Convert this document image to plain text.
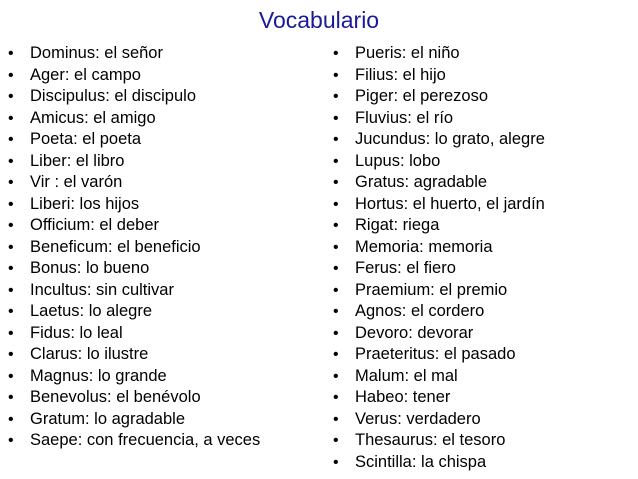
Vocabulario
• Dominus: el señor
• Ager: el campo
• Discipulus: el discipulo
• Amicus: el amigo
• Poeta: el poeta
• Liber: el libro
• Vir : el varón
• Liberi: los hijos
• Officium: el deber
• Beneficum: el beneficio
• Bonus: lo bueno
• Incultus: sin cultivar
• Laetus: lo alegre
• Fidus: lo leal
• Clarus: lo ilustre
• Magnus: lo grande
• Benevolus: el benévolo
• Gratum: lo agradable
• Saepe: con frecuencia, a veces
• Pueris: el niño
• Filius: el hijo
• Piger: el perezoso
• Fluvius: el río
• Jucundus: lo grato, alegre
• Lupus: lobo
• Gratus: agradable
• Hortus: el huerto, el jardín
• Rigat: riega
• Memoria: memoria
• Ferus: el fiero
• Praemium: el premio
• Agnos: el cordero
• Devoro: devorar
• Praeteritus: el pasado
• Malum: el mal
• Habeo: tener
• Verus: verdadero
• Thesaurus: el tesoro
• Scintilla: la chispa
